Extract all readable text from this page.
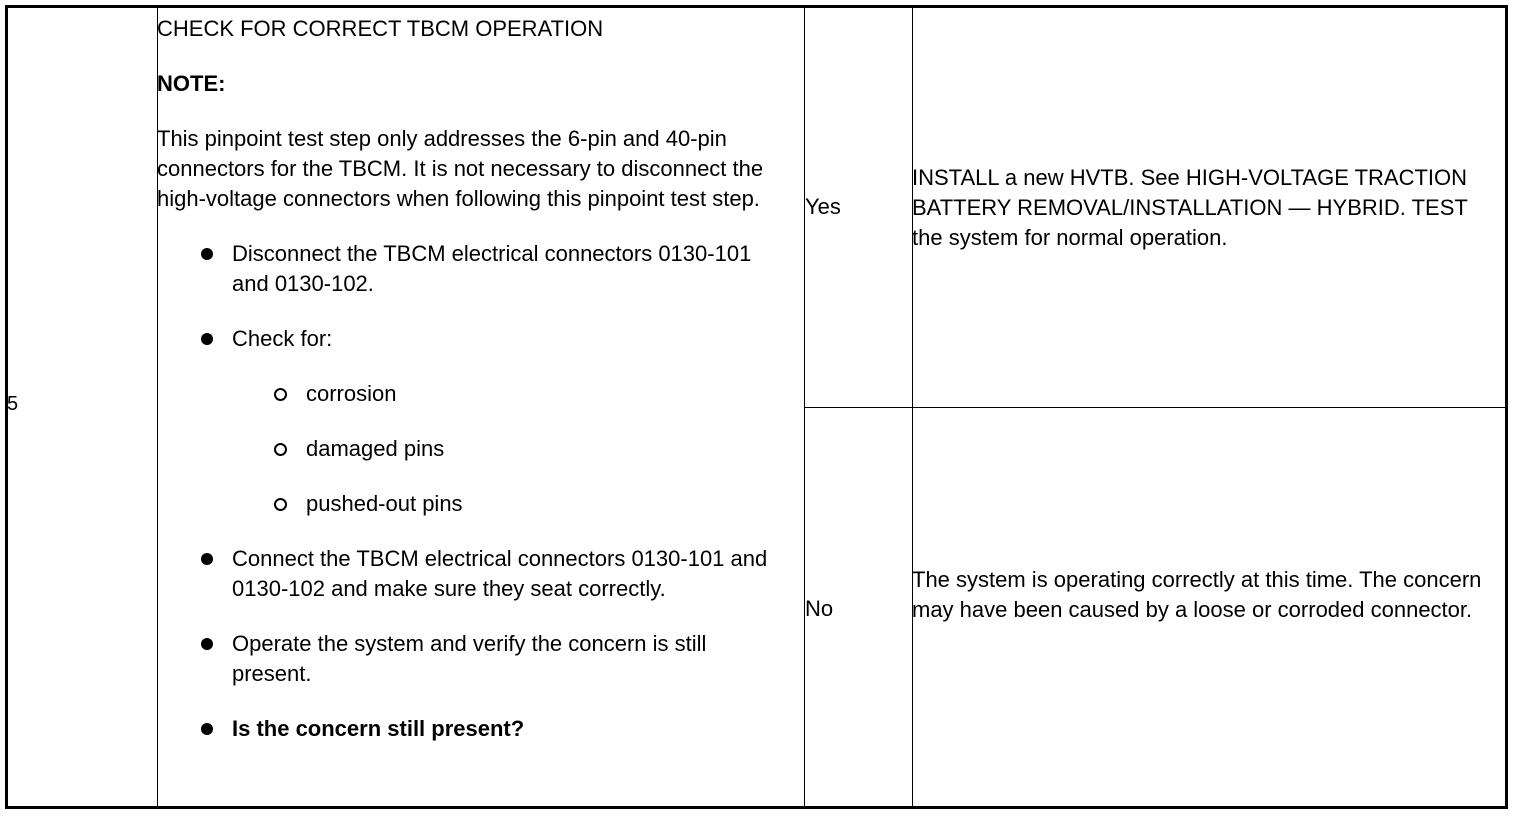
5

CHECK FOR CORRECT TBCM OPERATION

NOTE:

This pinpoint test step only addresses the 6-pin and 40-pin connectors for the TBCM. It is not necessary to disconnect the high-voltage connectors when following this pinpoint test step.

Disconnect the TBCM electrical connectors 0130-101 and 0130-102.
Check for:
corrosion
damaged pins
pushed-out pins
Connect the TBCM electrical connectors 0130-101 and 0130-102 and make sure they seat correctly.
Operate the system and verify the concern is still present.
Is the concern still present?
Yes
INSTALL a new HVTB. See HIGH-VOLTAGE TRACTION BATTERY REMOVAL/INSTALLATION — HYBRID. TEST the system for normal operation.
No
The system is operating correctly at this time. The concern may have been caused by a loose or corroded connector.
